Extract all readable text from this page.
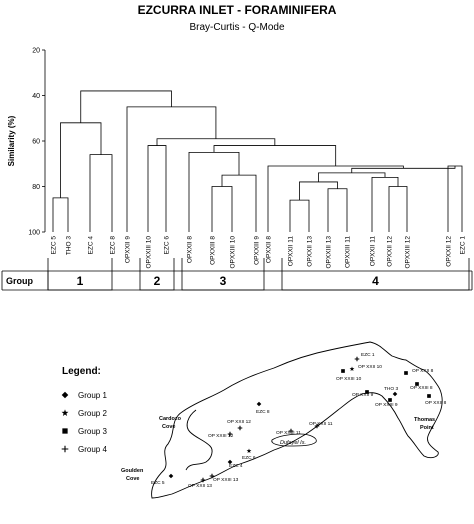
EZCURRA INLET - FORAMINIFERA
Bray-Curtis - Q-Mode
20
40
60
80
100
Similarity (%)
EZC 5 THO 3 EZC 4 EZC 8 OPXXII 9 OPXXIII 10 EZC 6 OPXXII 8 OPXXIII 8 OPXXIII 10	OPXXIII 9 OPXXII 8 OPXXII 11 OPXXII 13 OPXXIII 13 OPXXIII 11	OPXXII 11 OPXXII 12 OPXXIII 12	OPXXII 12 EZC 1
Group	1	2	3	4
Legend:
Group 1
Group 2
Group 3
Group 4
EZC 1
OP XXII 10
OP XXIII 10
OP XXII 8
THO 3 OP XXIII 8
OP XXII 9
OP XXIII 9	OP XXII 8
EZC 8
OP XXII 11
OP XXIII 11
OP XXII 12
OP XXIII 12
EZC 6
EZC 4
EZC 5
OP XXIII 13
OP XXII 13
Cardozo
Cove
Goulden
Cove
Thomas
Point
Dufayel Is.
